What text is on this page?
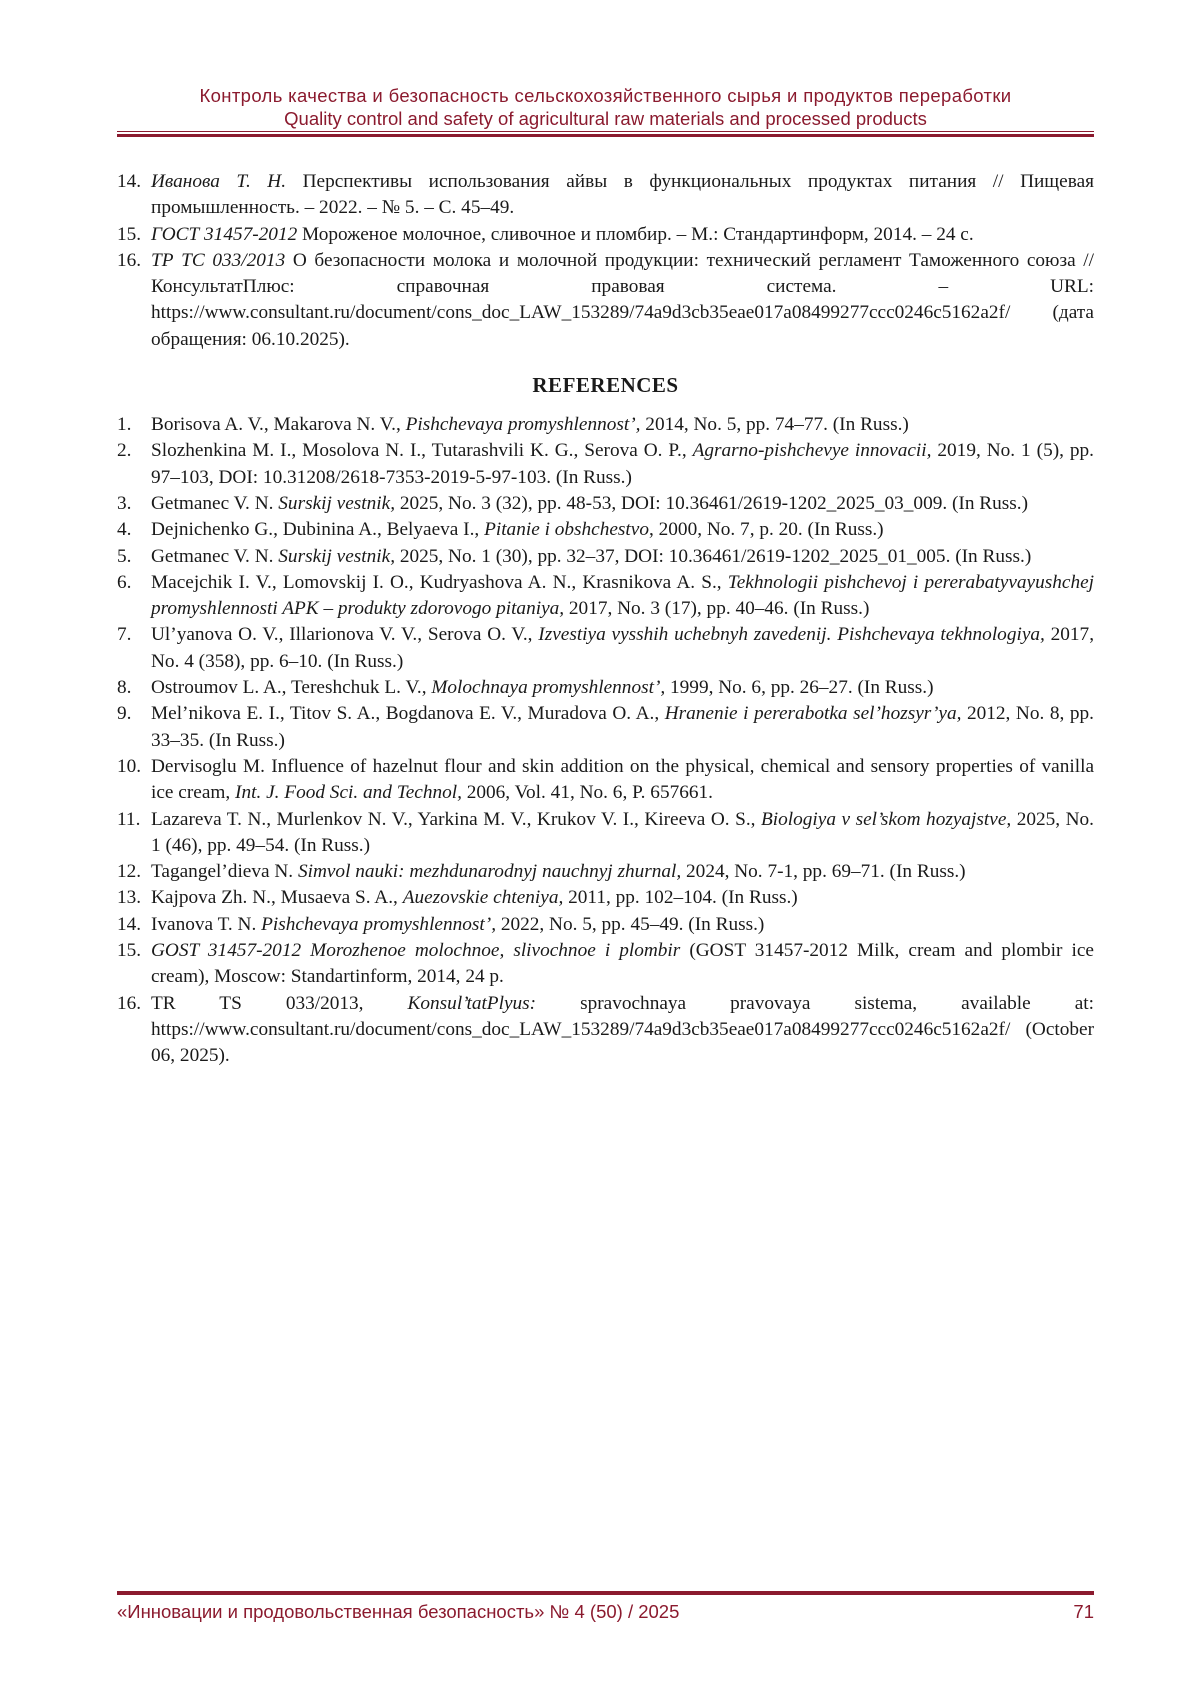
Контроль качества и безопасность сельскохозяйственного сырья и продуктов переработки
Quality control and safety of agricultural raw materials and processed products
14. Иванова Т. Н. Перспективы использования айвы в функциональных продуктах питания // Пищевая промышленность. – 2022. – № 5. – С. 45–49.
15. ГОСТ 31457-2012 Мороженое молочное, сливочное и пломбир. – М.: Стандартинформ, 2014. – 24 с.
16. ТР ТС 033/2013 О безопасности молока и молочной продукции: технический регламент Таможенного союза // КонсультатПлюс: справочная правовая система. – URL: https://www.consultant.ru/document/cons_doc_LAW_153289/74a9d3cb35eae017a08499277ccc0246c5162a2f/ (дата обращения: 06.10.2025).
REFERENCES
1. Borisova A. V., Makarova N. V., Pishchevaya promyshlennost’, 2014, No. 5, pp. 74–77. (In Russ.)
2. Slozhenkina M. I., Mosolova N. I., Tutarashvili K. G., Serova O. P., Agrarno-pishchevye innovacii, 2019, No. 1 (5), pp. 97–103, DOI: 10.31208/2618-7353-2019-5-97-103. (In Russ.)
3. Getmanec V. N. Surskij vestnik, 2025, No. 3 (32), pp. 48-53, DOI: 10.36461/2619-1202_2025_03_009. (In Russ.)
4. Dejnichenko G., Dubinina A., Belyaeva I., Pitanie i obshchestvo, 2000, No. 7, p. 20. (In Russ.)
5. Getmanec V. N. Surskij vestnik, 2025, No. 1 (30), pp. 32–37, DOI: 10.36461/2619-1202_2025_01_005. (In Russ.)
6. Macejchik I. V., Lomovskij I. O., Kudryashova A. N., Krasnikova A. S., Tekhnologii pishchevoj i pererabatyvayushchej promyshlennosti APK – produkty zdorovogo pitaniya, 2017, No. 3 (17), pp. 40–46. (In Russ.)
7. Ul’yanova O. V., Illarionova V. V., Serova O. V., Izvestiya vysshih uchebnyh zavedenij. Pishchevaya tekhnologiya, 2017, No. 4 (358), pp. 6–10. (In Russ.)
8. Ostroumov L. A., Tereshchuk L. V., Molochnaya promyshlennost’, 1999, No. 6, pp. 26–27. (In Russ.)
9. Mel’nikova E. I., Titov S. A., Bogdanova E. V., Muradova O. A., Hranenie i pererabotka sel’hozsyr’ya, 2012, No. 8, pp. 33–35. (In Russ.)
10. Dervisoglu M. Influence of hazelnut flour and skin addition on the physical, chemical and sensory properties of vanilla ice cream, Int. J. Food Sci. and Technol, 2006, Vol. 41, No. 6, P. 657661.
11. Lazareva T. N., Murlenkov N. V., Yarkina M. V., Krukov V. I., Kireeva O. S., Biologiya v sel’skom hozyajstve, 2025, No. 1 (46), pp. 49–54. (In Russ.)
12. Tagangel’dieva N. Simvol nauki: mezhdunarodnyj nauchnyj zhurnal, 2024, No. 7-1, pp. 69–71. (In Russ.)
13. Kajpova Zh. N., Musaeva S. A., Auezovskie chteniya, 2011, pp. 102–104. (In Russ.)
14. Ivanova T. N. Pishchevaya promyshlennost’, 2022, No. 5, pp. 45–49. (In Russ.)
15. GOST 31457-2012 Morozhenoe molochnoe, slivochnoe i plombir (GOST 31457-2012 Milk, cream and plombir ice cream), Moscow: Standartinform, 2014, 24 p.
16. TR TS 033/2013, Konsul’tatPlyus: spravochnaya pravovaya sistema, available at: https://www.consultant.ru/document/cons_doc_LAW_153289/74a9d3cb35eae017a08499277ccc0246c5162a2f/ (October 06, 2025).
«Инновации и продовольственная безопасность» № 4 (50) / 2025	71
